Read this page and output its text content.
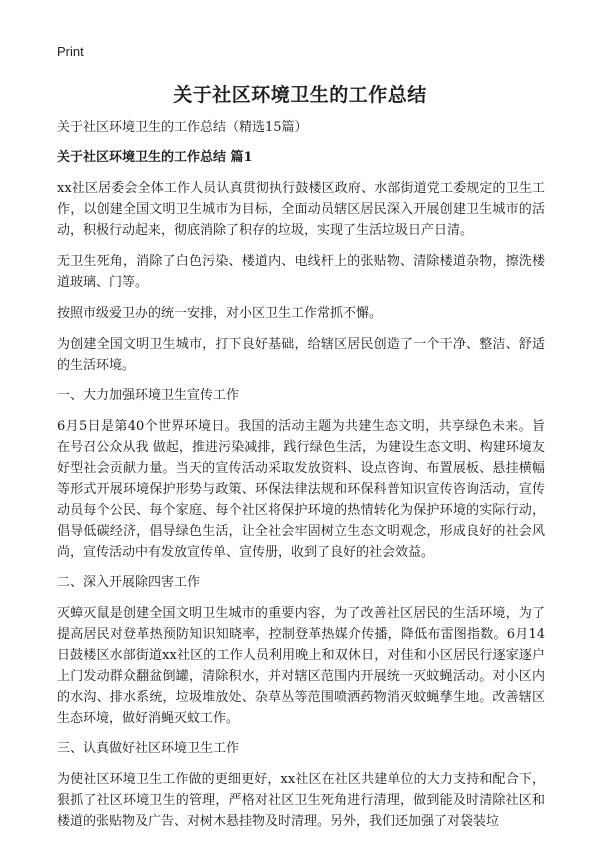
Print
关于社区环境卫生的工作总结

关于社区环境卫生的工作总结（精选15篇）

关于社区环境卫生的工作总结 篇1

xx社区居委会全体工作人员认真贯彻执行鼓楼区政府、水部街道党工委规定的卫生工作，以创建全国文明卫生城市为目标，全面动员辖区居民深入开展创建卫生城市的活动，积极行动起来，彻底消除了积存的垃圾，实现了生活垃圾日产日清。

无卫生死角，消除了白色污染、楼道内、电线杆上的张贴物、清除楼道杂物，擦洗楼道玻璃、门等。

按照市级爱卫办的统一安排，对小区卫生工作常抓不懈。

为创建全国文明卫生城市，打下良好基础，给辖区居民创造了一个干净、整洁、舒适的生活环境。

一、大力加强环境卫生宣传工作

6月5日是第40个世界环境日。我国的活动主题为共建生态文明，共享绿色未来。旨在号召公众从我 做起，推进污染减排，践行绿色生活，为建设生态文明、构建环境友好型社会贡献力量。当天的宣传活动采取发放资料、设点咨询、布置展板、悬挂横幅等形式开展环境保护形势与政策、环保法律法规和环保科普知识宣传咨询活动，宣传动员每个公民、每个家庭、每个社区将保护环境的热情转化为保护环境的实际行动，倡导低碳经济，倡导绿色生活，让全社会牢固树立生态文明观念，形成良好的社会风尚，宣传活动中有发放宣传单、宣传册，收到了良好的社会效益。

二、深入开展除四害工作

灭蟑灭鼠是创建全国文明卫生城市的重要内容，为了改善社区居民的生活环境，为了提高居民对登革热预防知识知晓率，控制登革热媒介传播，降低布雷图指数。6月14日鼓楼区水部街道xx社区的工作人员利用晚上和双休日，对佳和小区居民行逐家逐户上门发动群众翻盆倒罐，清除积水，并对辖区范围内开展统一灭蚊蝇活动。对小区内的水沟、排水系统，垃圾堆放处、杂草丛等范围喷洒药物消灭蚊蝇孳生地。改善辖区生态环境，做好消蝇灭蚊工作。

三、认真做好社区环境卫生工作

为使社区环境卫生工作做的更细更好，xx社区在社区共建单位的大力支持和配合下，狠抓了社区环境卫生的管理，严格对社区卫生死角进行清理，做到能及时清除社区和楼道的张贴物及广告、对树木悬挂物及时清理。另外，我们还加强了对袋装垃
